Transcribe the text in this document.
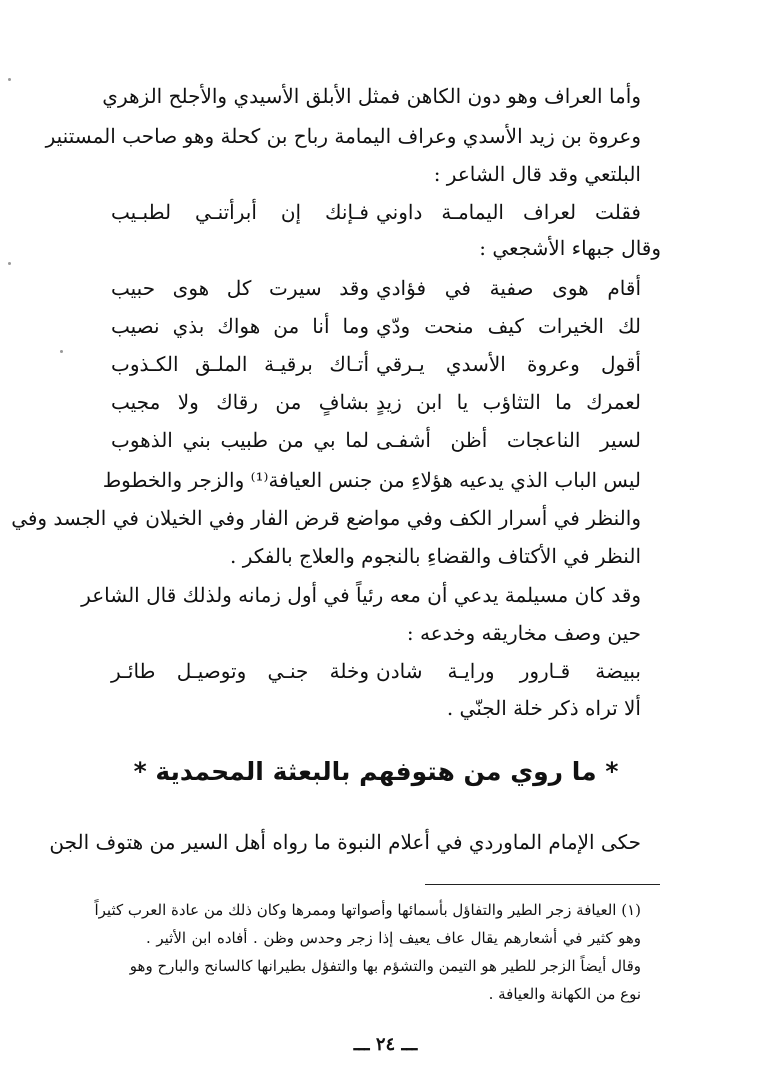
وأما العراف وهو دون الكاهن فمثل الأبلق الأسيدي والأجلح الزهري
وعروة بن زيد الأسدي وعراف اليمامة رباح بن كحلة وهو صاحب المستنير
البلتعي وقد قال الشاعر :
فقلت لعراف اليمامـة داوني
فـإنك إن أبرأتنـي لطبـيب
وقال جبهاء الأشجعي :
أقام هوى صفية في فؤادي
وقد سيرت كل هوى حبيب
لك الخيرات كيف منحت ودّي
وما أنا من هواك بذي نصيب
أقول وعروة الأسدي يـرقي
أتـاك برقيـة الملـق الكـذوب
لعمرك ما التثاؤب يا ابن زيدٍ
بشافٍ من رقاك ولا مجيب
لسير الناعجات أظن أشفـى
لما بي من طبيب بني الذهوب
ليس الباب الذي يدعيه هؤلاءِ من جنس العيافة⁽¹⁾ والزجر والخطوط
والنظر في أسرار الكف وفي مواضع قرض الفار وفي الخيلان في الجسد وفي
النظر في الأكتاف والقضاءِ بالنجوم والعلاج بالفكر .
وقد كان مسيلمة يدعي أن معه رئياً في أول زمانه ولذلك قال الشاعر
حين وصف مخاريقه وخدعه :
ببيضة قـارور ورايـة شادن
وخلة جنـي وتوصيـل طائـر
ألا تراه ذكر خلة الجنّي .
* ما روي من هتوفهم بالبعثة المحمدية *
حكى الإمام الماوردي في أعلام النبوة ما رواه أهل السير من هتوف الجن
(١) العيافة زجر الطير والتفاؤل بأسمائها وأصواتها وممرها وكان ذلك من عادة العرب كثيراً
وهو كثير في أشعارهم يقال عاف يعيف إذا زجر وحدس وظن . أفاده ابن الأثير .
وقال أيضاً الزجر للطير هو التيمن والتشؤم بها والتفؤل بطيرانها كالسانح والبارح وهو
نوع من الكهانة والعيافة .
ـــ ٢٤ ـــ
